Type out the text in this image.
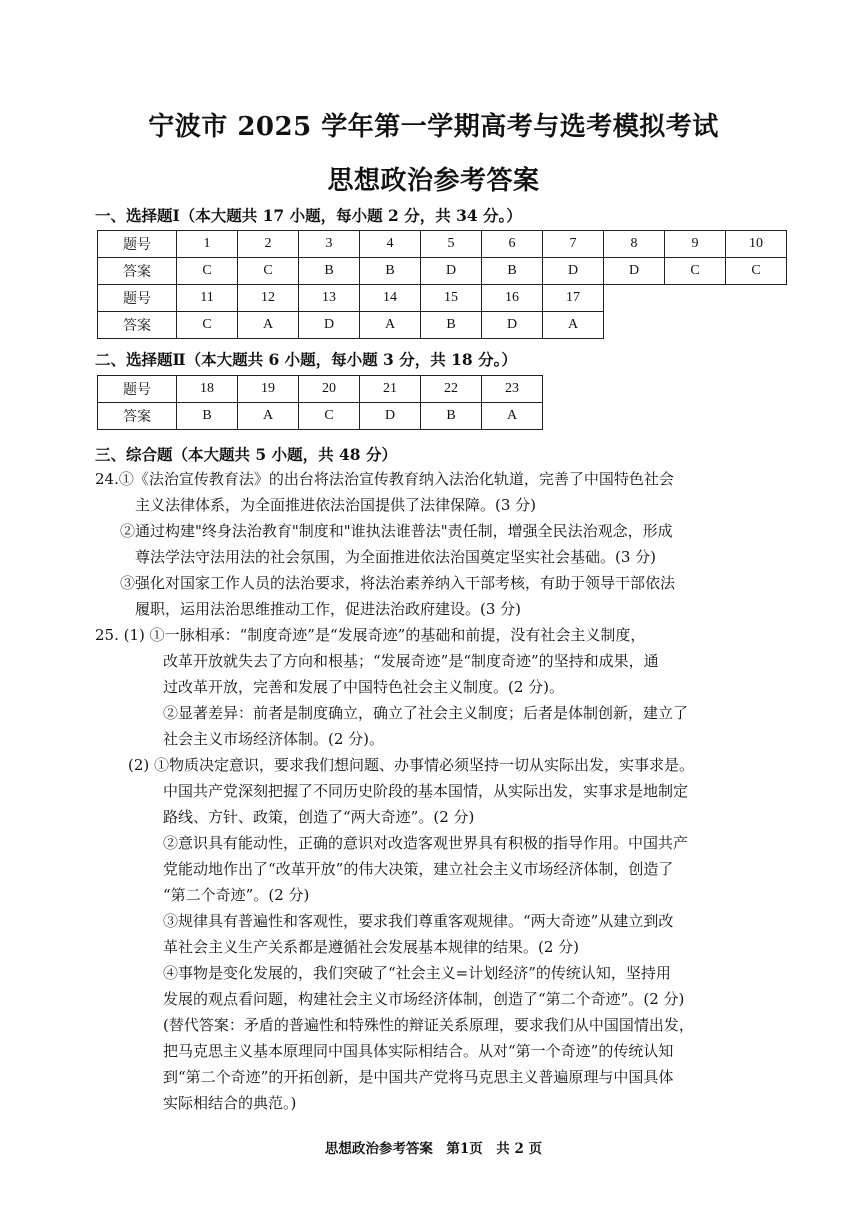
宁波市 2025 学年第一学期高考与选考模拟考试
思想政治参考答案
一、选择题Ⅰ（本大题共 17 小题，每小题 2 分，共 34 分。）
题号	1	2	3	4	5	6	7	8	9	10
答案	C	C	B	B	D	B	D	D	C	C
题号	11	12	13	14	15	16	17			
答案	C	A	D	A	B	D	A			
二、选择题Ⅱ（本大题共 6 小题，每小题 3 分，共 18 分。）
题号	18	19	20	21	22	23
答案	B	A	C	D	B	A
三、综合题（本大题共 5 小题，共 48 分）
24.①《法治宣传教育法》的出台将法治宣传教育纳入法治化轨道，完善了中国特色社会
主义法律体系，为全面推进依法治国提供了法律保障。(3 分)
②通过构建"终身法治教育"制度和"谁执法谁普法"责任制，增强全民法治观念，形成
尊法学法守法用法的社会氛围，为全面推进依法治国奠定坚实社会基础。(3 分)
③强化对国家工作人员的法治要求，将法治素养纳入干部考核，有助于领导干部依法
履职，运用法治思维推动工作，促进法治政府建设。(3 分)
25. (1) ①一脉相承：“制度奇迹”是“发展奇迹”的基础和前提，没有社会主义制度，
改革开放就失去了方向和根基；“发展奇迹”是“制度奇迹”的坚持和成果，通
过改革开放，完善和发展了中国特色社会主义制度。(2 分)。
②显著差异：前者是制度确立，确立了社会主义制度；后者是体制创新，建立了
社会主义市场经济体制。(2 分)。
(2) ①物质决定意识，要求我们想问题、办事情必须坚持一切从实际出发，实事求是。
中国共产党深刻把握了不同历史阶段的基本国情，从实际出发，实事求是地制定
路线、方针、政策，创造了“两大奇迹”。(2 分)
②意识具有能动性，正确的意识对改造客观世界具有积极的指导作用。中国共产
党能动地作出了“改革开放”的伟大决策，建立社会主义市场经济体制，创造了
“第二个奇迹”。(2 分)
③规律具有普遍性和客观性，要求我们尊重客观规律。“两大奇迹”从建立到改
革社会主义生产关系都是遵循社会发展基本规律的结果。(2 分)
④事物是变化发展的，我们突破了“社会主义=计划经济”的传统认知，坚持用
发展的观点看问题，构建社会主义市场经济体制，创造了“第二个奇迹”。(2 分)
(替代答案：矛盾的普遍性和特殊性的辩证关系原理，要求我们从中国国情出发，
把马克思主义基本原理同中国具体实际相结合。从对“第一个奇迹”的传统认知
到“第二个奇迹”的开拓创新，是中国共产党将马克思主义普遍原理与中国具体
实际相结合的典范。)
思想政治参考答案　第1页　共 2 页
